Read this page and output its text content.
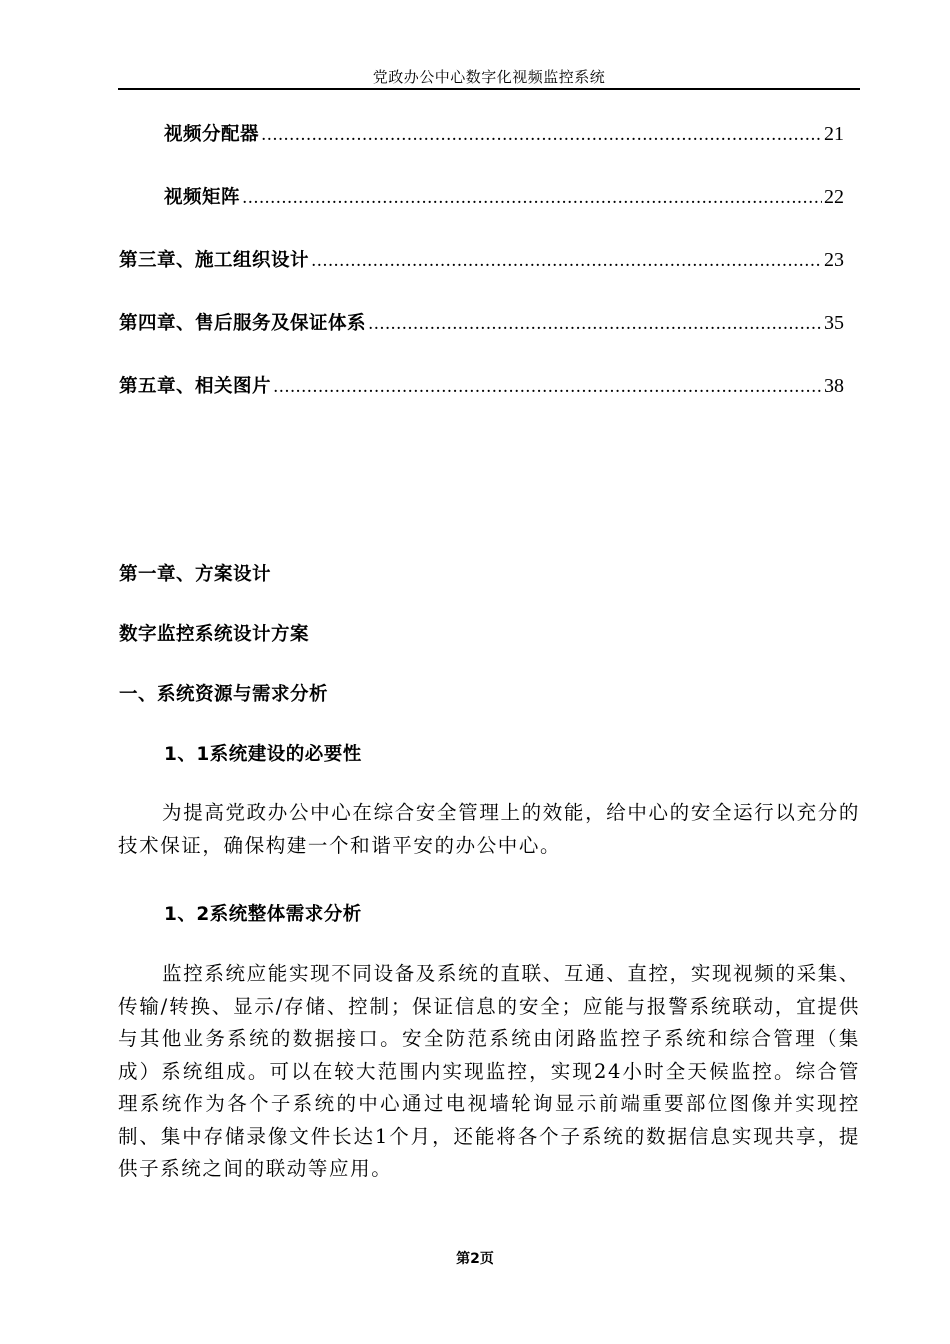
党政办公中心数字化视频监控系统
视频分配器 .....	21
视频矩阵 .....	22
第三章、施工组织设计 .....	23
第四章、售后服务及保证体系 .....	35
第五章、相关图片 .....	38
第一章、方案设计
数字监控系统设计方案
一、系统资源与需求分析
1、1系统建设的必要性

为提高党政办公中心在综合安全管理上的效能，给中心的安全运行以充分的技术保证，确保构建一个和谐平安的办公中心。

1、2系统整体需求分析

监控系统应能实现不同设备及系统的直联、互通、直控，实现视频的采集、传输/转换、显示/存储、控制；保证信息的安全；应能与报警系统联动，宜提供与其他业务系统的数据接口。安全防范系统由闭路监控子系统和综合管理（集成）系统组成。可以在较大范围内实现监控，实现24小时全天候监控。综合管理系统作为各个子系统的中心通过电视墙轮询显示前端重要部位图像并实现控制、集中存储录像文件长达1个月，还能将各个子系统的数据信息实现共享，提供子系统之间的联动等应用。

第2页
